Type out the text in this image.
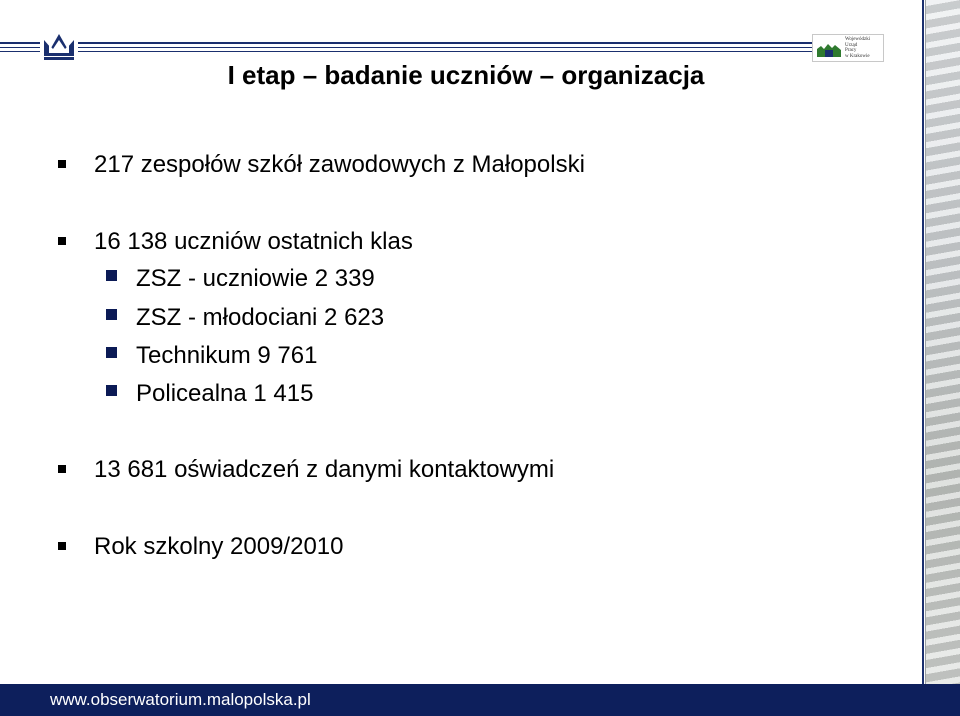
Wojewódzki
Urząd
Pracy
w Krakowie
I etap – badanie uczniów – organizacja
217 zespołów szkół zawodowych z Małopolski
16 138 uczniów ostatnich klas
ZSZ - uczniowie 2 339
ZSZ - młodociani 2 623
Technikum 9 761
Policealna 1 415
13 681 oświadczeń z danymi kontaktowymi
Rok szkolny 2009/2010
www.obserwatorium.malopolska.pl
